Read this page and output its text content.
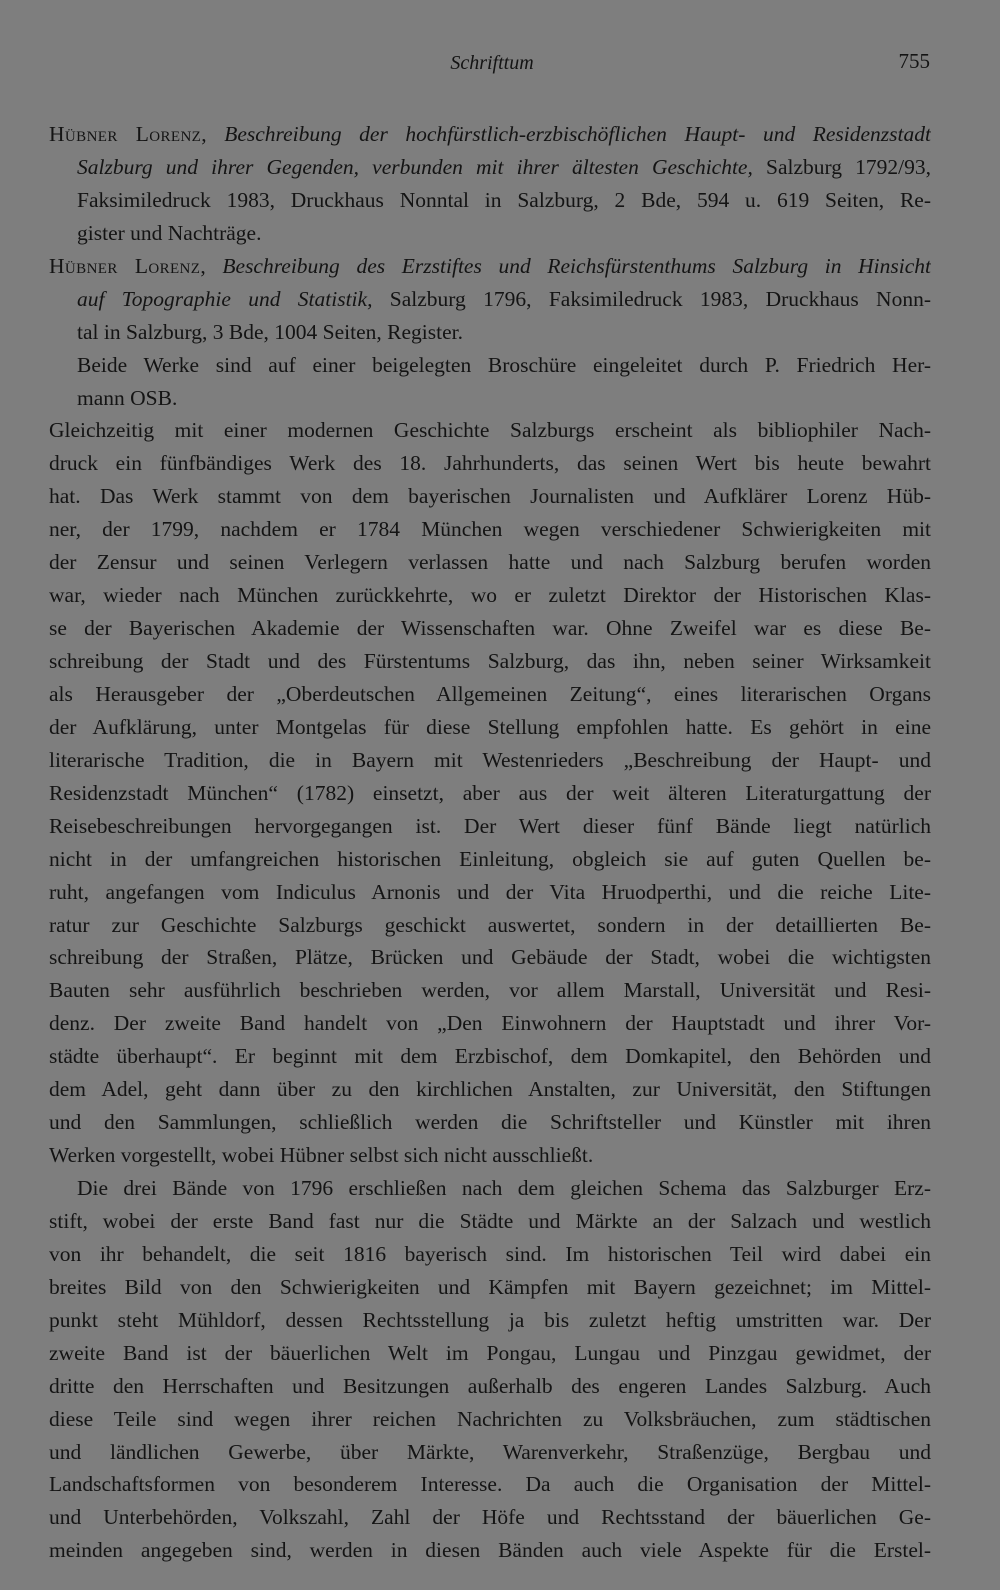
Schrifttum	755
Hübner Lorenz, Beschreibung der hochfürstlich-erzbischöflichen Haupt- und Residenzstadt
Salzburg und ihrer Gegenden, verbunden mit ihrer ältesten Geschichte, Salzburg 1792/93,
Faksimiledruck 1983, Druckhaus Nonntal in Salzburg, 2 Bde, 594 u. 619 Seiten, Re-
gister und Nachträge.
Hübner Lorenz, Beschreibung des Erzstiftes und Reichsfürstenthums Salzburg in Hinsicht
auf Topographie und Statistik, Salzburg 1796, Faksimiledruck 1983, Druckhaus Nonn-
tal in Salzburg, 3 Bde, 1004 Seiten, Register.
Beide Werke sind auf einer beigelegten Broschüre eingeleitet durch P. Friedrich Her-
mann OSB.
Gleichzeitig mit einer modernen Geschichte Salzburgs erscheint als bibliophiler Nach-
druck ein fünfbändiges Werk des 18. Jahrhunderts, das seinen Wert bis heute bewahrt
hat. Das Werk stammt von dem bayerischen Journalisten und Aufklärer Lorenz Hüb-
ner, der 1799, nachdem er 1784 München wegen verschiedener Schwierigkeiten mit
der Zensur und seinen Verlegern verlassen hatte und nach Salzburg berufen worden
war, wieder nach München zurückkehrte, wo er zuletzt Direktor der Historischen Klas-
se der Bayerischen Akademie der Wissenschaften war. Ohne Zweifel war es diese Be-
schreibung der Stadt und des Fürstentums Salzburg, das ihn, neben seiner Wirksamkeit
als Herausgeber der „Oberdeutschen Allgemeinen Zeitung“, eines literarischen Organs
der Aufklärung, unter Montgelas für diese Stellung empfohlen hatte. Es gehört in eine
literarische Tradition, die in Bayern mit Westenrieders „Beschreibung der Haupt- und
Residenzstadt München“ (1782) einsetzt, aber aus der weit älteren Literaturgattung der
Reisebeschreibungen hervorgegangen ist. Der Wert dieser fünf Bände liegt natürlich
nicht in der umfangreichen historischen Einleitung, obgleich sie auf guten Quellen be-
ruht, angefangen vom Indiculus Arnonis und der Vita Hruodperthi, und die reiche Lite-
ratur zur Geschichte Salzburgs geschickt auswertet, sondern in der detaillierten Be-
schreibung der Straßen, Plätze, Brücken und Gebäude der Stadt, wobei die wichtigsten
Bauten sehr ausführlich beschrieben werden, vor allem Marstall, Universität und Resi-
denz. Der zweite Band handelt von „Den Einwohnern der Hauptstadt und ihrer Vor-
städte überhaupt“. Er beginnt mit dem Erzbischof, dem Domkapitel, den Behörden und
dem Adel, geht dann über zu den kirchlichen Anstalten, zur Universität, den Stiftungen
und den Sammlungen, schließlich werden die Schriftsteller und Künstler mit ihren
Werken vorgestellt, wobei Hübner selbst sich nicht ausschließt.
Die drei Bände von 1796 erschließen nach dem gleichen Schema das Salzburger Erz-
stift, wobei der erste Band fast nur die Städte und Märkte an der Salzach und westlich
von ihr behandelt, die seit 1816 bayerisch sind. Im historischen Teil wird dabei ein
breites Bild von den Schwierigkeiten und Kämpfen mit Bayern gezeichnet; im Mittel-
punkt steht Mühldorf, dessen Rechtsstellung ja bis zuletzt heftig umstritten war. Der
zweite Band ist der bäuerlichen Welt im Pongau, Lungau und Pinzgau gewidmet, der
dritte den Herrschaften und Besitzungen außerhalb des engeren Landes Salzburg. Auch
diese Teile sind wegen ihrer reichen Nachrichten zu Volksbräuchen, zum städtischen
und ländlichen Gewerbe, über Märkte, Warenverkehr, Straßenzüge, Bergbau und
Landschaftsformen von besonderem Interesse. Da auch die Organisation der Mittel-
und Unterbehörden, Volkszahl, Zahl der Höfe und Rechtsstand der bäuerlichen Ge-
meinden angegeben sind, werden in diesen Bänden auch viele Aspekte für die Erstel-
